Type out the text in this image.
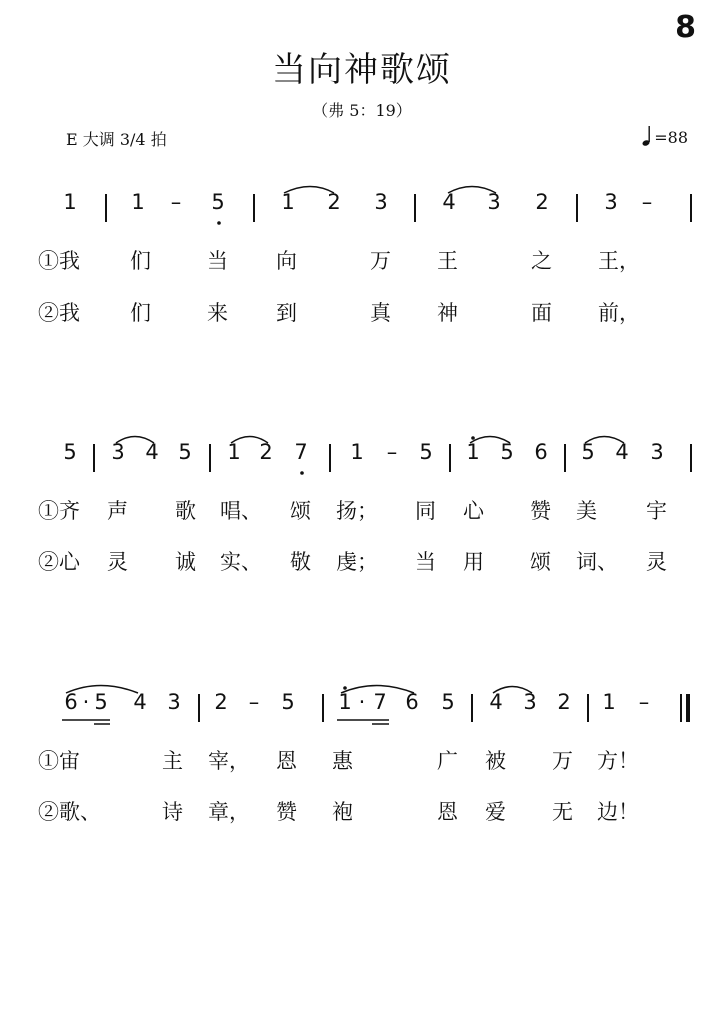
8
当向神歌颂
（弗 5：19）
E 大调 3/4 拍	=88
1	1	–	5	1 2 3	4 3 2	3	–
①我 们	当 向	万 王	之 王，
②我 们	来 到	真 神	面 前，
5 3 4 5 1 2 7 1	–	5 1 5 6 5 4 3
①齐 声 歌 唱、 颂 扬； 同 心 赞 美 宇
②心 灵 诚 实、 敬 虔； 当 用 颂 词、 灵
6 · 5 4 3 2	–	5 1 · 7 6 5 4 3 2 1	–
①宙	主 宰， 恩 惠	广 被 万 方！
②歌、	诗 章， 赞 袍	恩 爱 无 边！
